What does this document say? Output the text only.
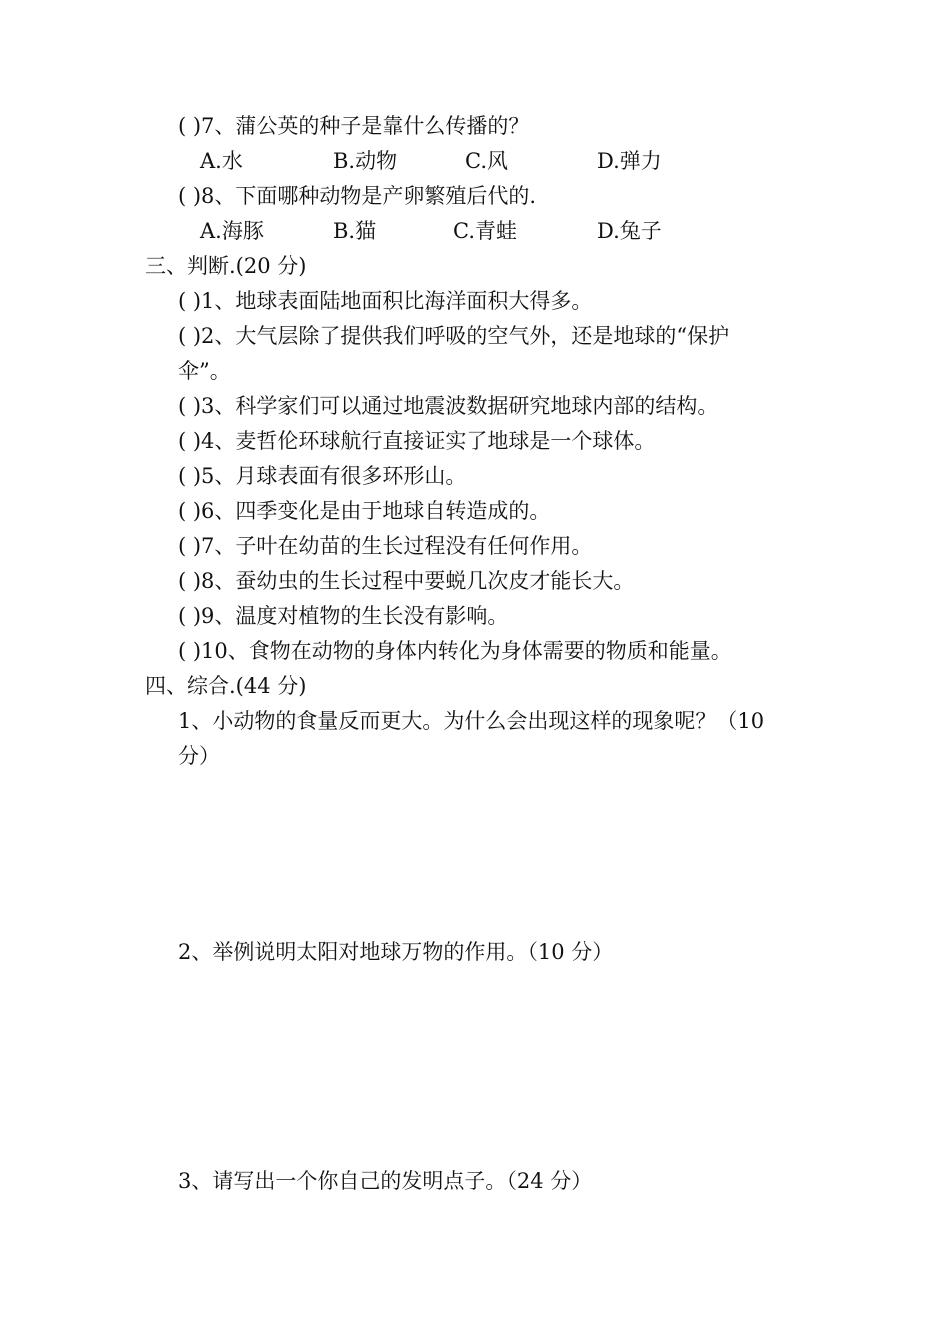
( )7、蒲公英的种子是靠什么传播的？
A.水	B.动物	C.风	D.弹力
( )8、下面哪种动物是产卵繁殖后代的.
A.海豚	B.猫	C.青蛙	D.兔子
三、判断.(20 分)
( )1、地球表面陆地面积比海洋面积大得多。
( )2、大气层除了提供我们呼吸的空气外，还是地球的“保护
伞”。
( )3、科学家们可以通过地震波数据研究地球内部的结构。
( )4、麦哲伦环球航行直接证实了地球是一个球体。
( )5、月球表面有很多环形山。
( )6、四季变化是由于地球自转造成的。
( )7、子叶在幼苗的生长过程没有任何作用。
( )8、蚕幼虫的生长过程中要蜕几次皮才能长大。
( )9、温度对植物的生长没有影响。
( )10、食物在动物的身体内转化为身体需要的物质和能量。
四、综合.(44 分)
1、小动物的食量反而更大。为什么会出现这样的现象呢？（10
分）
2、举例说明太阳对地球万物的作用。（10 分）
3、请写出一个你自己的发明点子。（24 分）
